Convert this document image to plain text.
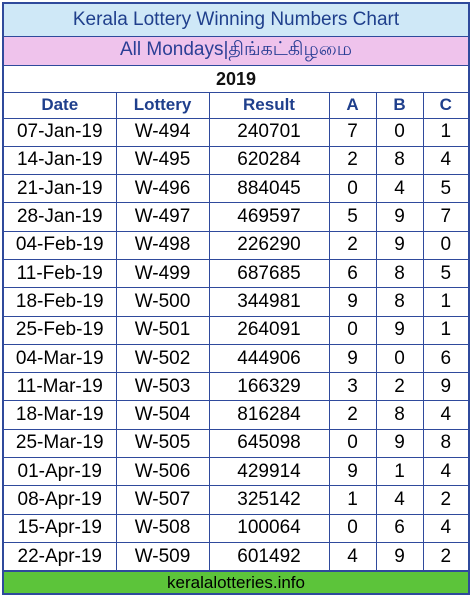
Kerala Lottery Winning Numbers Chart
All Mondays|திங்கட்கிழமை
2019
Date	Lottery	Result	A	B	C
07-Jan-19	W-494	240701	7	0	1
14-Jan-19	W-495	620284	2	8	4
21-Jan-19	W-496	884045	0	4	5
28-Jan-19	W-497	469597	5	9	7
04-Feb-19	W-498	226290	2	9	0
11-Feb-19	W-499	687685	6	8	5
18-Feb-19	W-500	344981	9	8	1
25-Feb-19	W-501	264091	0	9	1
04-Mar-19	W-502	444906	9	0	6
11-Mar-19	W-503	166329	3	2	9
18-Mar-19	W-504	816284	2	8	4
25-Mar-19	W-505	645098	0	9	8
01-Apr-19	W-506	429914	9	1	4
08-Apr-19	W-507	325142	1	4	2
15-Apr-19	W-508	100064	0	6	4
22-Apr-19	W-509	601492	4	9	2
keralalotteries.info
